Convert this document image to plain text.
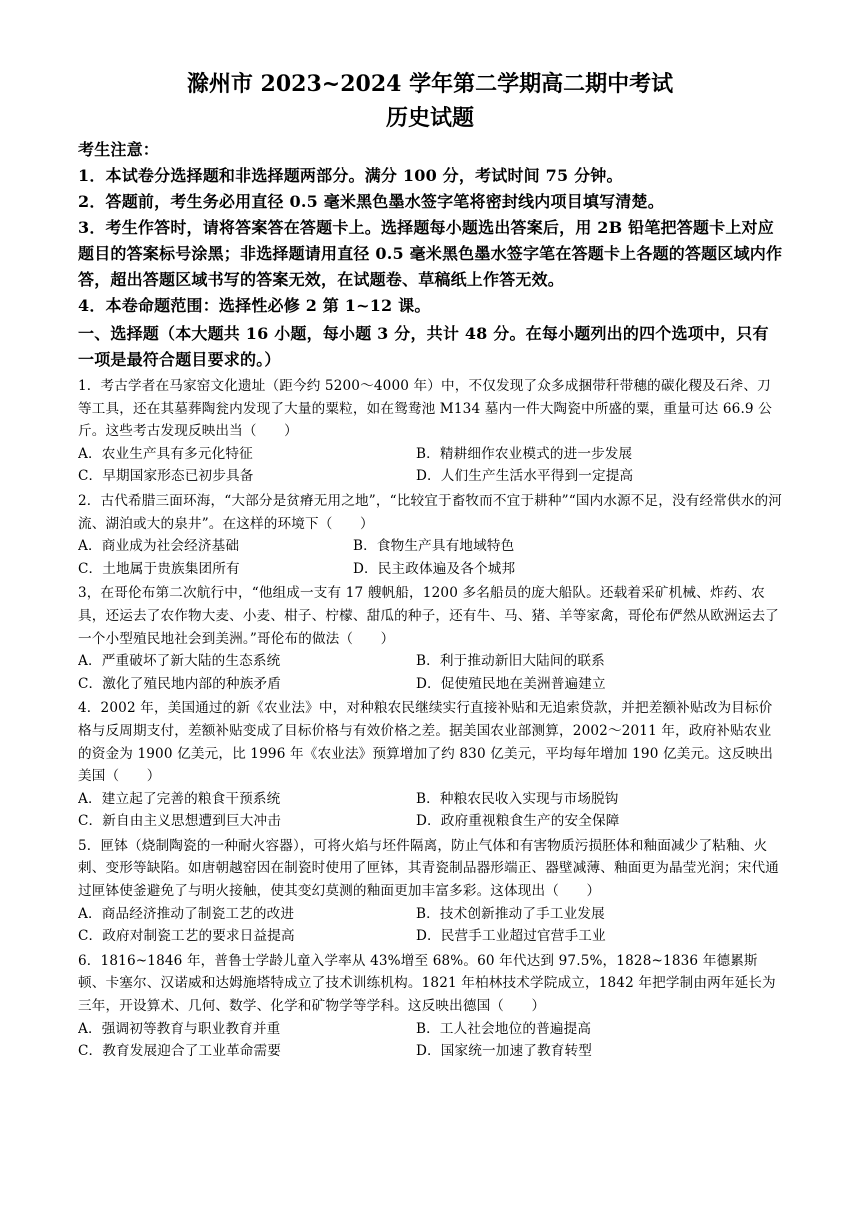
滁州市 2023~2024 学年第二学期高二期中考试
历史试题
考生注意：
1．本试卷分选择题和非选择题两部分。满分 100 分，考试时间 75 分钟。
2．答题前，考生务必用直径 0.5 毫米黑色墨水签字笔将密封线内项目填写清楚。
3．考生作答时，请将答案答在答题卡上。选择题每小题选出答案后，用 2B 铅笔把答题卡上对应题目的答案标号涂黑；非选择题请用直径 0.5 毫米黑色墨水签字笔在答题卡上各题的答题区域内作答，超出答题区域书写的答案无效，在试题卷、草稿纸上作答无效。
4．本卷命题范围：选择性必修 2 第 1~12 课。
一、选择题（本大题共 16 小题，每小题 3 分，共计 48 分。在每小题列出的四个选项中，只有一项是最符合题目要求的。）
1．考古学者在马家窑文化遗址（距今约 5200～4000 年）中，不仅发现了众多成捆带秆带穗的碳化稷及石斧、刀等工具，还在其墓葬陶瓮内发现了大量的粟粒，如在鸳鸯池 M134 墓内一件大陶瓷中所盛的粟，重量可达 66.9 公斤。这些考古发现反映出当（　　）
A．农业生产具有多元化特征	B．精耕细作农业模式的进一步发展
C．早期国家形态已初步具备	D．人们生产生活水平得到一定提高
2．古代希腊三面环海，“大部分是贫瘠无用之地”，“比较宜于畜牧而不宜于耕种”“国内水源不足，没有经常供水的河流、湖泊或大的泉井”。在这样的环境下（　　）
A．商业成为社会经济基础	B．食物生产具有地域特色
C．土地属于贵族集团所有	D．民主政体遍及各个城邦
3，在哥伦布第二次航行中，“他组成一支有 17 艘帆船，1200 多名船员的庞大船队。还载着采矿机械、炸药、农具，还运去了农作物大麦、小麦、柑子、柠檬、甜瓜的种子，还有牛、马、猪、羊等家禽，哥伦布俨然从欧洲运去了一个小型殖民地社会到美洲。”哥伦布的做法（　　）
A．严重破坏了新大陆的生态系统	B．利于推动新旧大陆间的联系
C．激化了殖民地内部的种族矛盾	D．促使殖民地在美洲普遍建立
4．2002 年，美国通过的新《农业法》中，对种粮农民继续实行直接补贴和无追索贷款，并把差额补贴改为目标价格与反周期支付，差额补贴变成了目标价格与有效价格之差。据美国农业部测算，2002～2011 年，政府补贴农业的资金为 1900 亿美元，比 1996 年《农业法》预算增加了约 830 亿美元，平均每年增加 190 亿美元。这反映出美国（　　）
A．建立起了完善的粮食干预系统	B．种粮农民收入实现与市场脱钩
C．新自由主义思想遭到巨大冲击	D．政府重视粮食生产的安全保障
5．匣钵（烧制陶瓷的一种耐火容器），可将火焰与坯件隔离，防止气体和有害物质污损胚体和釉面减少了粘釉、火刺、变形等缺陷。如唐朝越窑因在制瓷时使用了匣钵，其青瓷制品器形端正、器壁减薄、釉面更为晶莹光润；宋代通过匣钵使釜避免了与明火接触，使其变幻莫测的釉面更加丰富多彩。这体现出（　　）
A．商品经济推动了制瓷工艺的改进	B．技术创新推动了手工业发展
C．政府对制瓷工艺的要求日益提高	D．民营手工业超过官营手工业
6．1816~1846 年，普鲁士学龄儿童入学率从 43%增至 68%。60 年代达到 97.5%，1828~1836 年德累斯顿、卡塞尔、汉诺威和达姆施塔特成立了技术训练机构。1821 年柏林技术学院成立，1842 年把学制由两年延长为三年，开设算术、几何、数学、化学和矿物学等学科。这反映出德国（　　）
A．强调初等教育与职业教育并重	B．工人社会地位的普遍提高
C．教育发展迎合了工业革命需要	D．国家统一加速了教育转型
